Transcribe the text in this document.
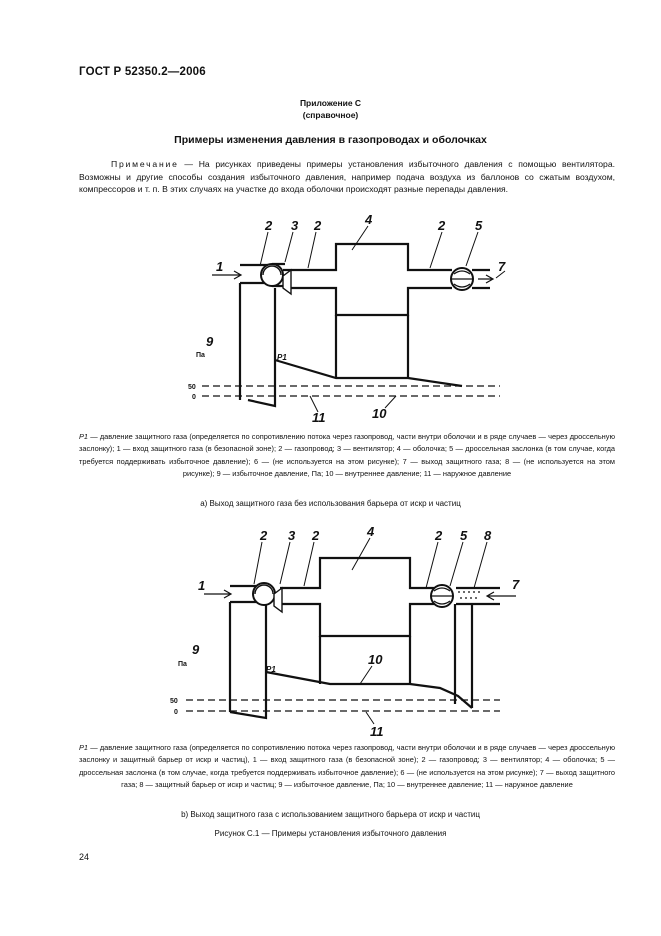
ГОСТ Р 52350.2—2006
Приложение С
(справочное)
Примеры изменения давления в газопроводах и оболочках
Примечание — На рисунках приведены примеры установления избыточного давления с помощью вентилятора. Возможны и другие способы создания избыточного давления, например подача воздуха из баллонов со сжатым воздухом, компрессоров и т. п. В этих случаях на участке до входа оболочки происходят разные перепады давления.
1
2 3 2	4	2 5
7
9
10
11
Па	P1
50
0
P1 — давление защитного газа (определяется по сопротивлению потока через газопровод, части внутри оболочки и в ряде случаев — через дроссельную заслонку); 1 — вход защитного газа (в безопасной зоне); 2 — газопровод; 3 — вентилятор; 4 — оболочка; 5 — дроссельная заслонка (в том случае, когда требуется поддерживать избыточное давление); 6 — (не используется на этом рисунке); 7 — выход защитного газа; 8 — (не используется на этом рисунке); 9 — избыточное давление, Па; 10 — внутреннее давление; 11 — наружное давление
а) Выход защитного газа без использования барьера от искр и частиц
1
2 3 2	4	2 5 8
7
9
10
11
Па
P1
50
0
P1 — давление защитного газа (определяется по сопротивлению потока через газопровод, части внутри оболочки и в ряде случаев — через дроссельную заслонку и защитный барьер от искр и частиц), 1 — вход защитного газа (в безопасной зоне); 2 — газопровод; 3 — вентилятор; 4 — оболочка; 5 — дроссельная заслонка (в том случае, когда требуется поддерживать избыточное давление); 6 — (не используется на этом рисунке); 7 — выход защитного газа; 8 — защитный барьер от искр и частиц; 9 — избыточное давление, Па; 10 — внутреннее давление; 11 — наружное давление
b) Выход защитного газа с использованием защитного барьера от искр и частиц
Рисунок С.1 — Примеры установления избыточного давления
24
